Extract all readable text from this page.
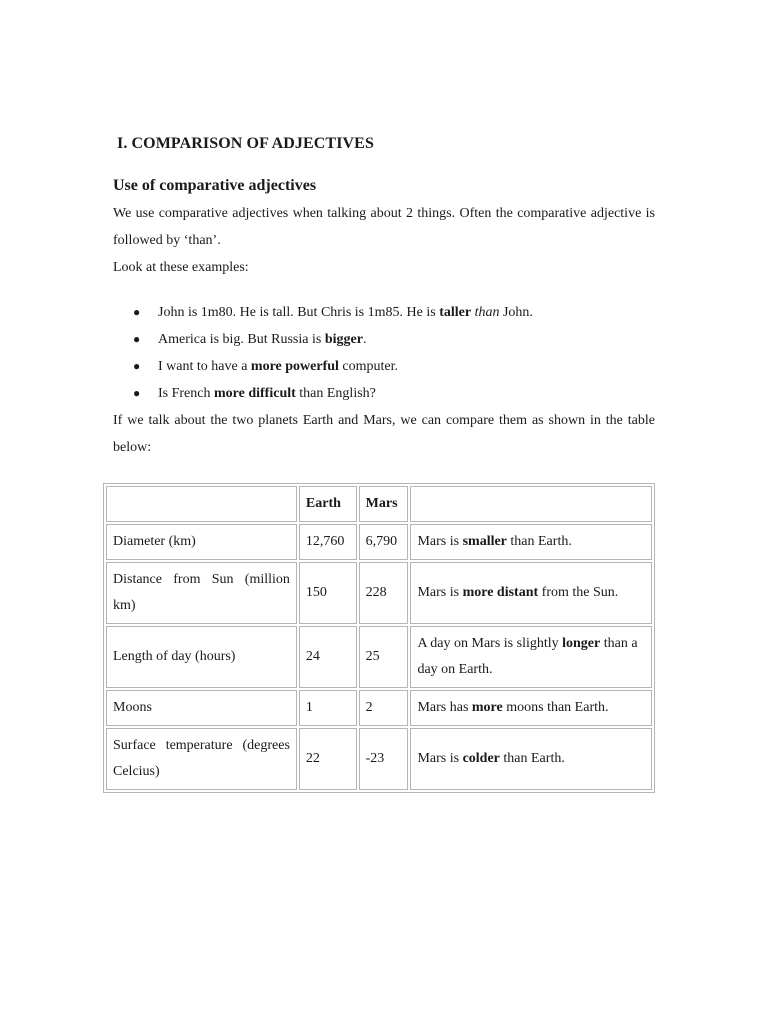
I. COMPARISON OF ADJECTIVES
Use of comparative adjectives

We use comparative adjectives when talking about 2 things. Often the comparative adjective is followed by ‘than’.

Look at these examples:

● John is 1m80. He is tall. But Chris is 1m85. He is taller than John.
● America is big. But Russia is bigger.
● I want to have a more powerful computer.
● Is French more difficult than English?

If we talk about the two planets Earth and Mars, we can compare them as shown in the table below:

	Earth	Mars	
Diameter (km)	12,760	6,790	Mars is smaller than Earth.
Distance from Sun (million km)	150	228	Mars is more distant from the Sun.
Length of day (hours)	24	25	A day on Mars is slightly longer than a day on Earth.
Moons	1	2	Mars has more moons than Earth.
Surface temperature (degrees Celcius)	22	-23	Mars is colder than Earth.
